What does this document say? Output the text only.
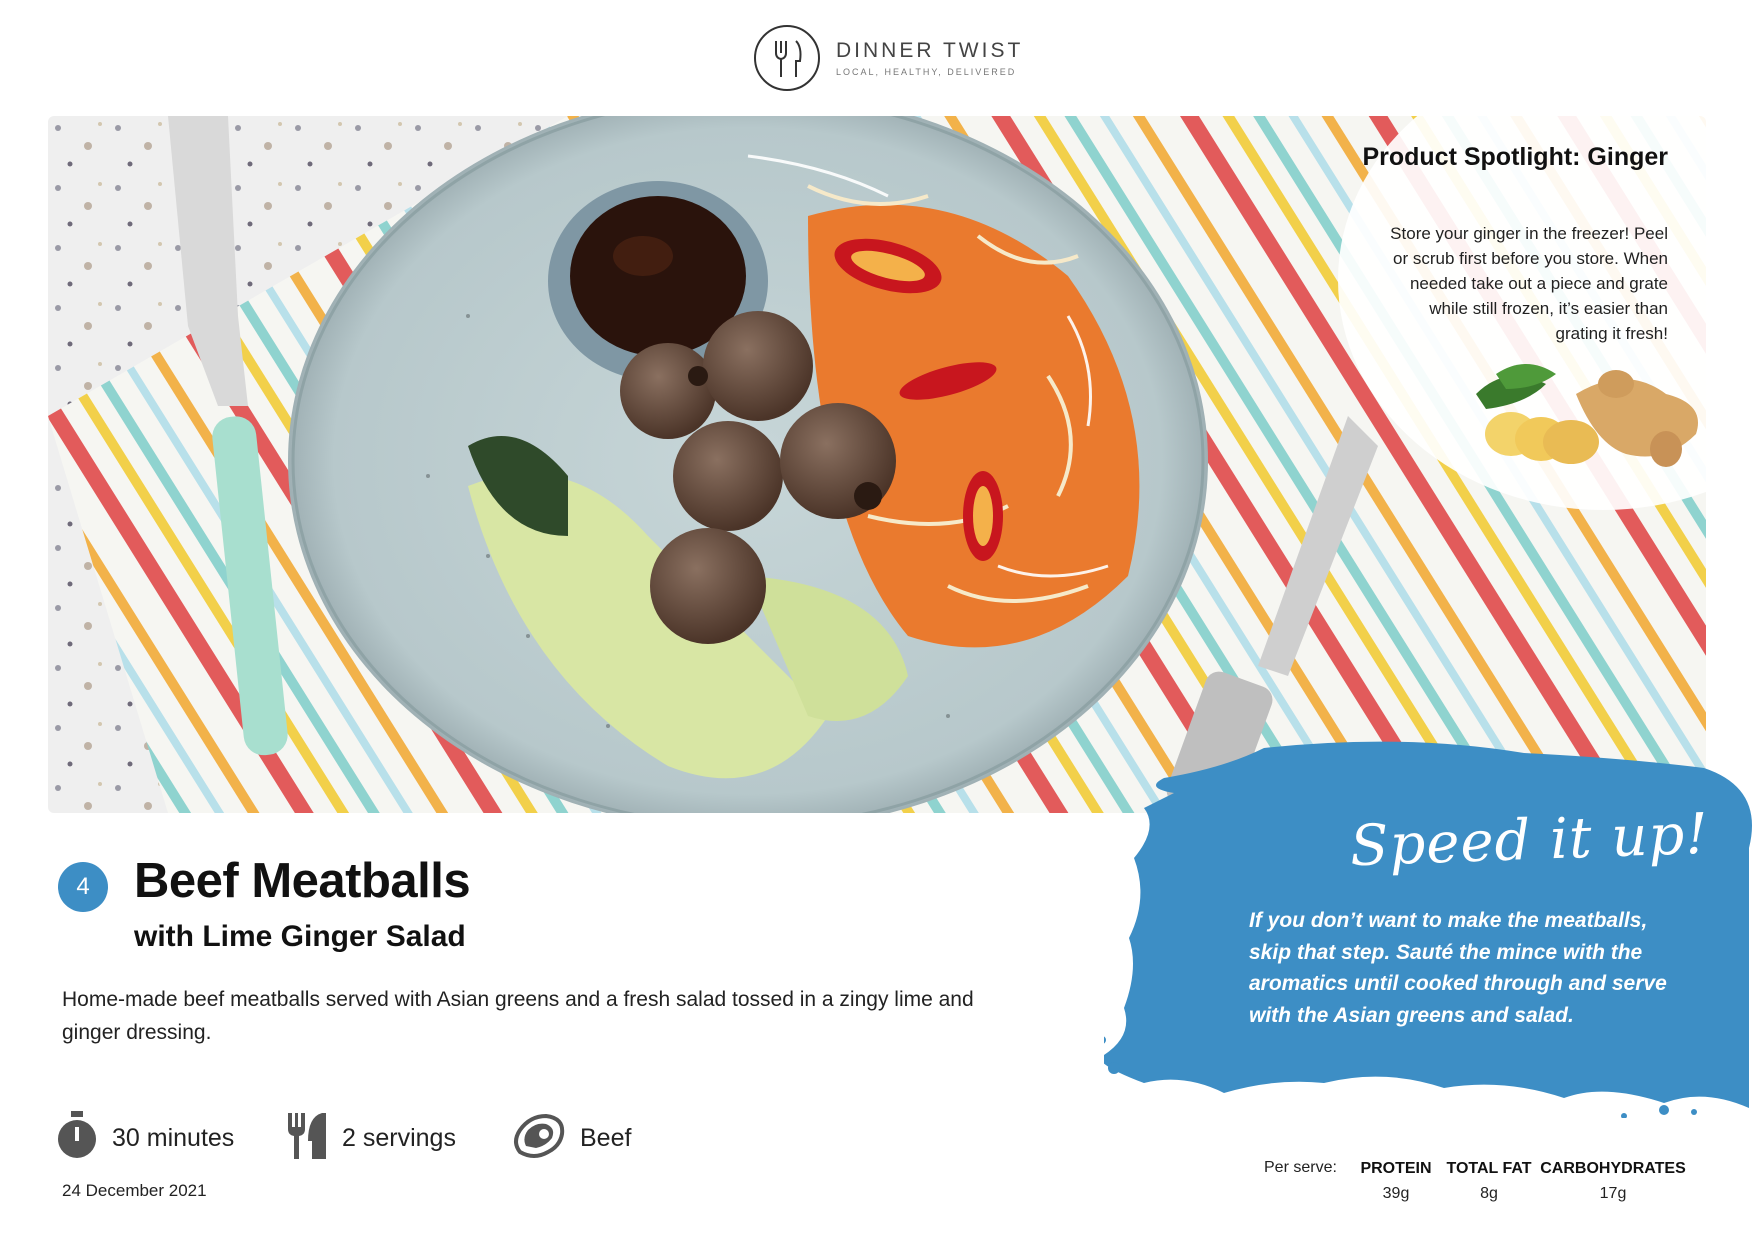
DINNER TWIST
LOCAL, HEALTHY, DELIVERED
Product Spotlight: Ginger
Store your ginger in the freezer! Peel or scrub first before you store. When needed take out a piece and grate while still frozen, it’s easier than grating it fresh!
Speed it up!
If you don’t want to make the meatballs, skip that step. Sauté the mince with the aromatics until cooked through and serve with the Asian greens and salad.
4 Beef Meatballs
with Lime Ginger Salad

Home-made beef meatballs served with Asian greens and a fresh salad tossed in a zingy lime and ginger dressing.

30 minutes	2 servings	Beef
24 December 2021
Per serve: PROTEIN
39g
TOTAL FAT
8g
CARBOHYDRATES
17g
